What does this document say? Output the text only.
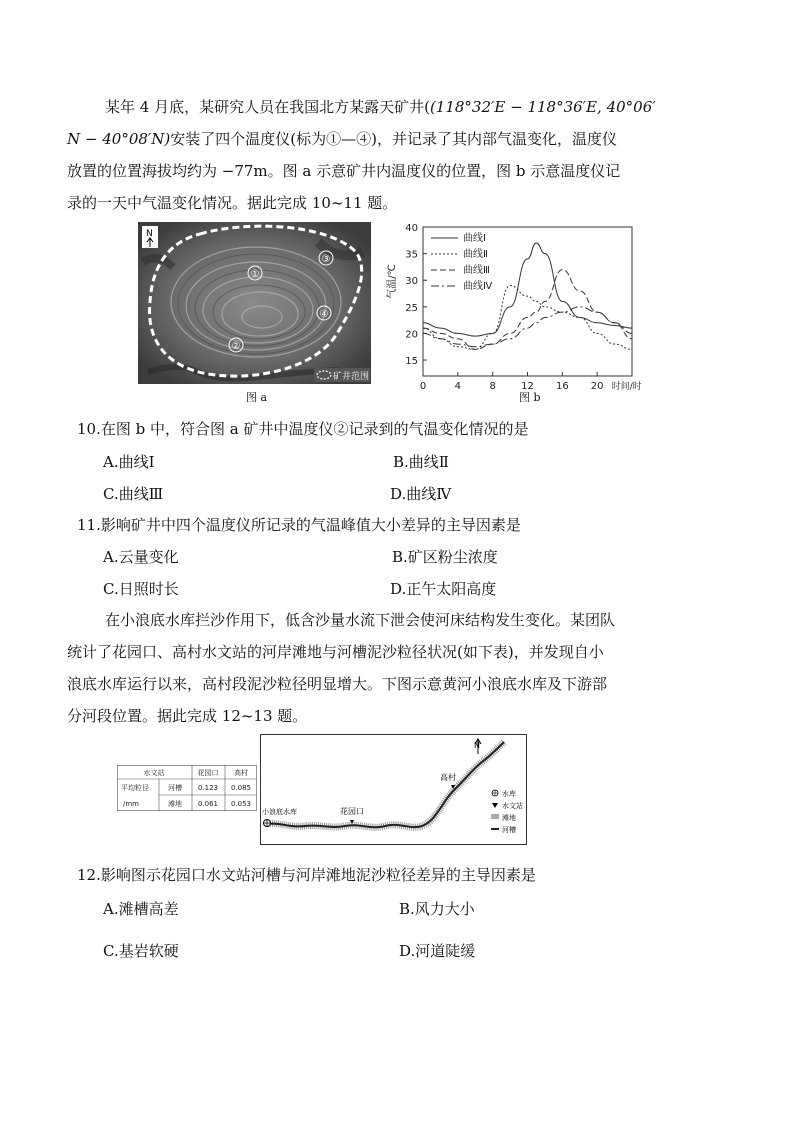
某年 4 月底，某研究人员在我国北方某露天矿井((118°32′E − 118°36′E, 40°06′
N − 40°08′N)安装了四个温度仪(标为①—④)，并记录了其内部气温变化，温度仪
放置的位置海拔均约为 −77m。图 a 示意矿井内温度仪的位置，图 b 示意温度仪记
录的一天中气温变化情况。据此完成 10~11 题。
N
①
②
③
④
矿井范围
图 a
15
20
25
30
35
40
0	4	8	12 16 20 时间/时
气温/℃
曲线Ⅰ
曲线Ⅱ
曲线Ⅲ
曲线Ⅳ
图 b
10.在图 b 中，符合图 a 矿井中温度仪②记录到的气温变化情况的是
A.曲线Ⅰ	B.曲线Ⅱ
C.曲线Ⅲ	D.曲线Ⅳ
11.影响矿井中四个温度仪所记录的气温峰值大小差异的主导因素是
A.云量变化	B.矿区粉尘浓度
C.日照时长	D.正午太阳高度
在小浪底水库拦沙作用下，低含沙量水流下泄会使河床结构发生变化。某团队
统计了花园口、高村水文站的河岸滩地与河槽泥沙粒径状况(如下表)，并发现自小
浪底水库运行以来，高村段泥沙粒径明显增大。下图示意黄河小浪底水库及下游部
分河段位置。据此完成 12~13 题。
水文站	花园口 高村
平均粒径
/mm
河槽 0.123 0.085
滩地 0.061 0.053
N
高村
花园口
小浪底水库
水库
水文站
滩地
河槽
12.影响图示花园口水文站河槽与河岸滩地泥沙粒径差异的主导因素是
A.滩槽高差	B.风力大小
C.基岩软硬	D.河道陡缓
